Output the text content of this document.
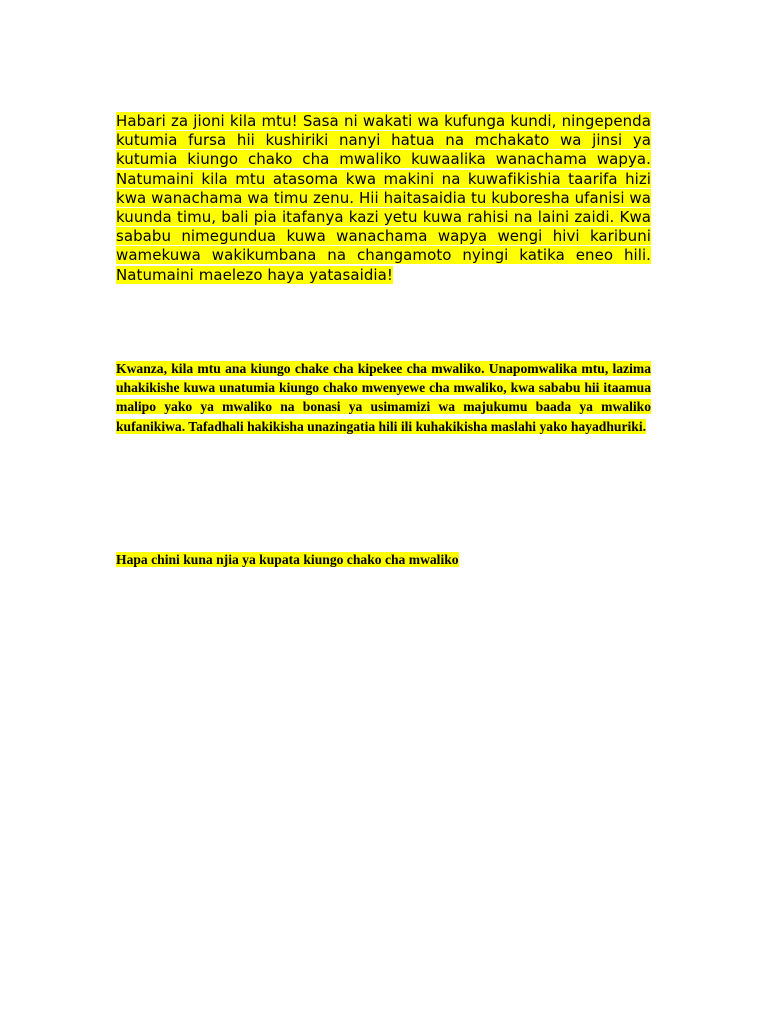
Habari za jioni kila mtu! Sasa ni wakati wa kufunga kundi, ningependa kutumia fursa hii kushiriki nanyi hatua na mchakato wa jinsi ya kutumia kiungo chako cha mwaliko kuwaalika wanachama wapya. Natumaini kila mtu atasoma kwa makini na kuwafikishia taarifa hizi kwa wanachama wa timu zenu. Hii haitasaidia tu kuboresha ufanisi wa kuunda timu, bali pia itafanya kazi yetu kuwa rahisi na laini zaidi. Kwa sababu nimegundua kuwa wanachama wapya wengi hivi karibuni wamekuwa wakikumbana na changamoto nyingi katika eneo hili. Natumaini maelezo haya yatasaidia!

Kwanza, kila mtu ana kiungo chake cha kipekee cha mwaliko. Unapomwalika mtu, lazima uhakikishe kuwa unatumia kiungo chako mwenyewe cha mwaliko, kwa sababu hii itaamua malipo yako ya mwaliko na bonasi ya usimamizi wa majukumu baada ya mwaliko kufanikiwa. Tafadhali hakikisha unazingatia hili ili kuhakikisha maslahi yako hayadhuriki.

Hapa chini kuna njia ya kupata kiungo chako cha mwaliko
